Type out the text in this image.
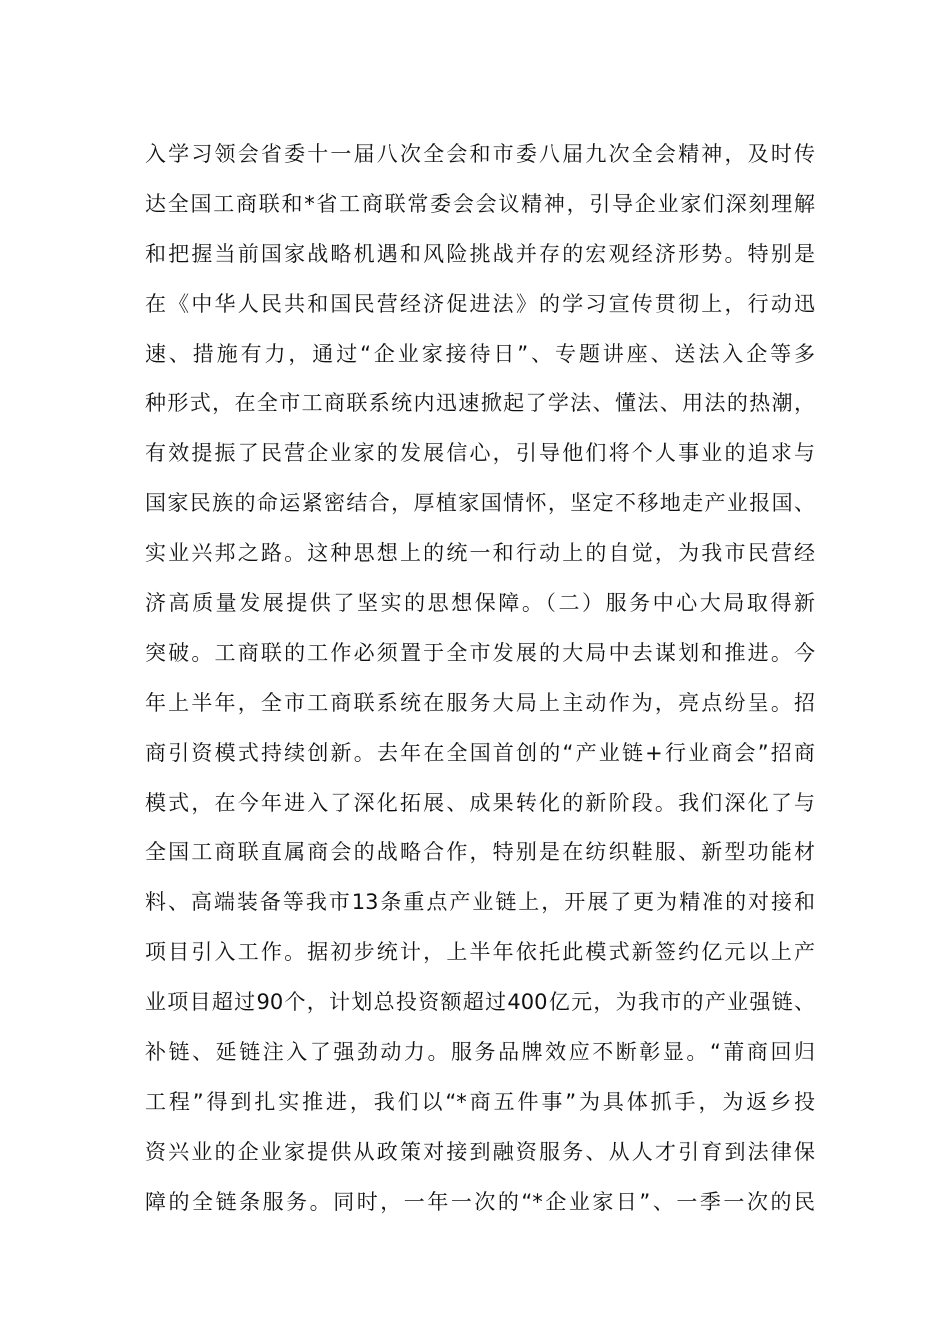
入学习领会省委十一届八次全会和市委八届九次全会精神，及时传
达全国工商联和*省工商联常委会会议精神，引导企业家们深刻理解
和把握当前国家战略机遇和风险挑战并存的宏观经济形势。特别是
在《中华人民共和国民营经济促进法》的学习宣传贯彻上，行动迅
速、措施有力，通过“企业家接待日”、专题讲座、送法入企等多
种形式，在全市工商联系统内迅速掀起了学法、懂法、用法的热潮，
有效提振了民营企业家的发展信心，引导他们将个人事业的追求与
国家民族的命运紧密结合，厚植家国情怀，坚定不移地走产业报国、
实业兴邦之路。这种思想上的统一和行动上的自觉，为我市民营经
济高质量发展提供了坚实的思想保障。（二）服务中心大局取得新
突破。工商联的工作必须置于全市发展的大局中去谋划和推进。今
年上半年，全市工商联系统在服务大局上主动作为，亮点纷呈。招
商引资模式持续创新。去年在全国首创的“产业链+行业商会”招商
模式，在今年进入了深化拓展、成果转化的新阶段。我们深化了与
全国工商联直属商会的战略合作，特别是在纺织鞋服、新型功能材
料、高端装备等我市13条重点产业链上，开展了更为精准的对接和
项目引入工作。据初步统计，上半年依托此模式新签约亿元以上产
业项目超过90个，计划总投资额超过400亿元，为我市的产业强链、
补链、延链注入了强劲动力。服务品牌效应不断彰显。“莆商回归
工程”得到扎实推进，我们以“*商五件事”为具体抓手，为返乡投
资兴业的企业家提供从政策对接到融资服务、从人才引育到法律保
障的全链条服务。同时，一年一次的“*企业家日”、一季一次的民
